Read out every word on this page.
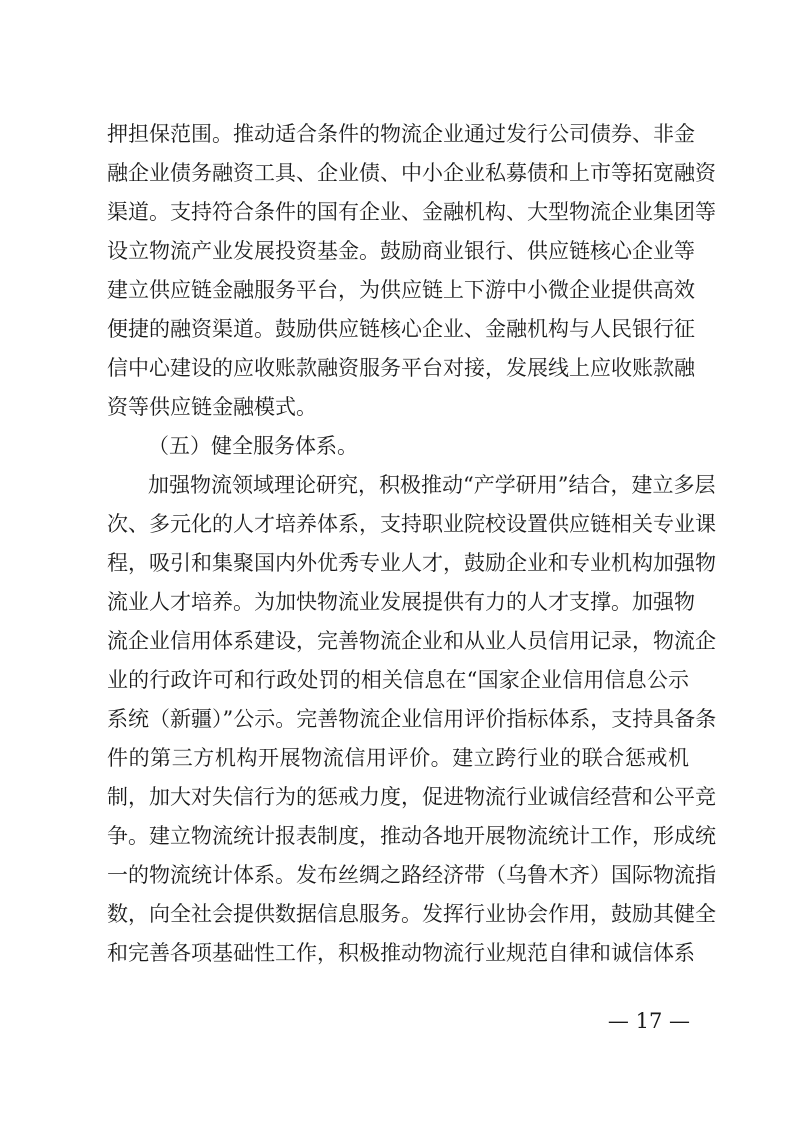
押担保范围。推动适合条件的物流企业通过发行公司债券、非金
融企业债务融资工具、企业债、中小企业私募债和上市等拓宽融资
渠道。支持符合条件的国有企业、金融机构、大型物流企业集团等
设立物流产业发展投资基金。鼓励商业银行、供应链核心企业等
建立供应链金融服务平台，为供应链上下游中小微企业提供高效
便捷的融资渠道。鼓励供应链核心企业、金融机构与人民银行征
信中心建设的应收账款融资服务平台对接，发展线上应收账款融
资等供应链金融模式。
（五）健全服务体系。
加强物流领域理论研究，积极推动“产学研用”结合，建立多层
次、多元化的人才培养体系，支持职业院校设置供应链相关专业课
程，吸引和集聚国内外优秀专业人才，鼓励企业和专业机构加强物
流业人才培养。为加快物流业发展提供有力的人才支撑。加强物
流企业信用体系建设，完善物流企业和从业人员信用记录，物流企
业的行政许可和行政处罚的相关信息在“国家企业信用信息公示
系统（新疆）”公示。完善物流企业信用评价指标体系，支持具备条
件的第三方机构开展物流信用评价。建立跨行业的联合惩戒机
制，加大对失信行为的惩戒力度，促进物流行业诚信经营和公平竞
争。建立物流统计报表制度，推动各地开展物流统计工作，形成统
一的物流统计体系。发布丝绸之路经济带（乌鲁木齐）国际物流指
数，向全社会提供数据信息服务。发挥行业协会作用，鼓励其健全
和完善各项基础性工作，积极推动物流行业规范自律和诚信体系
— 17 —
